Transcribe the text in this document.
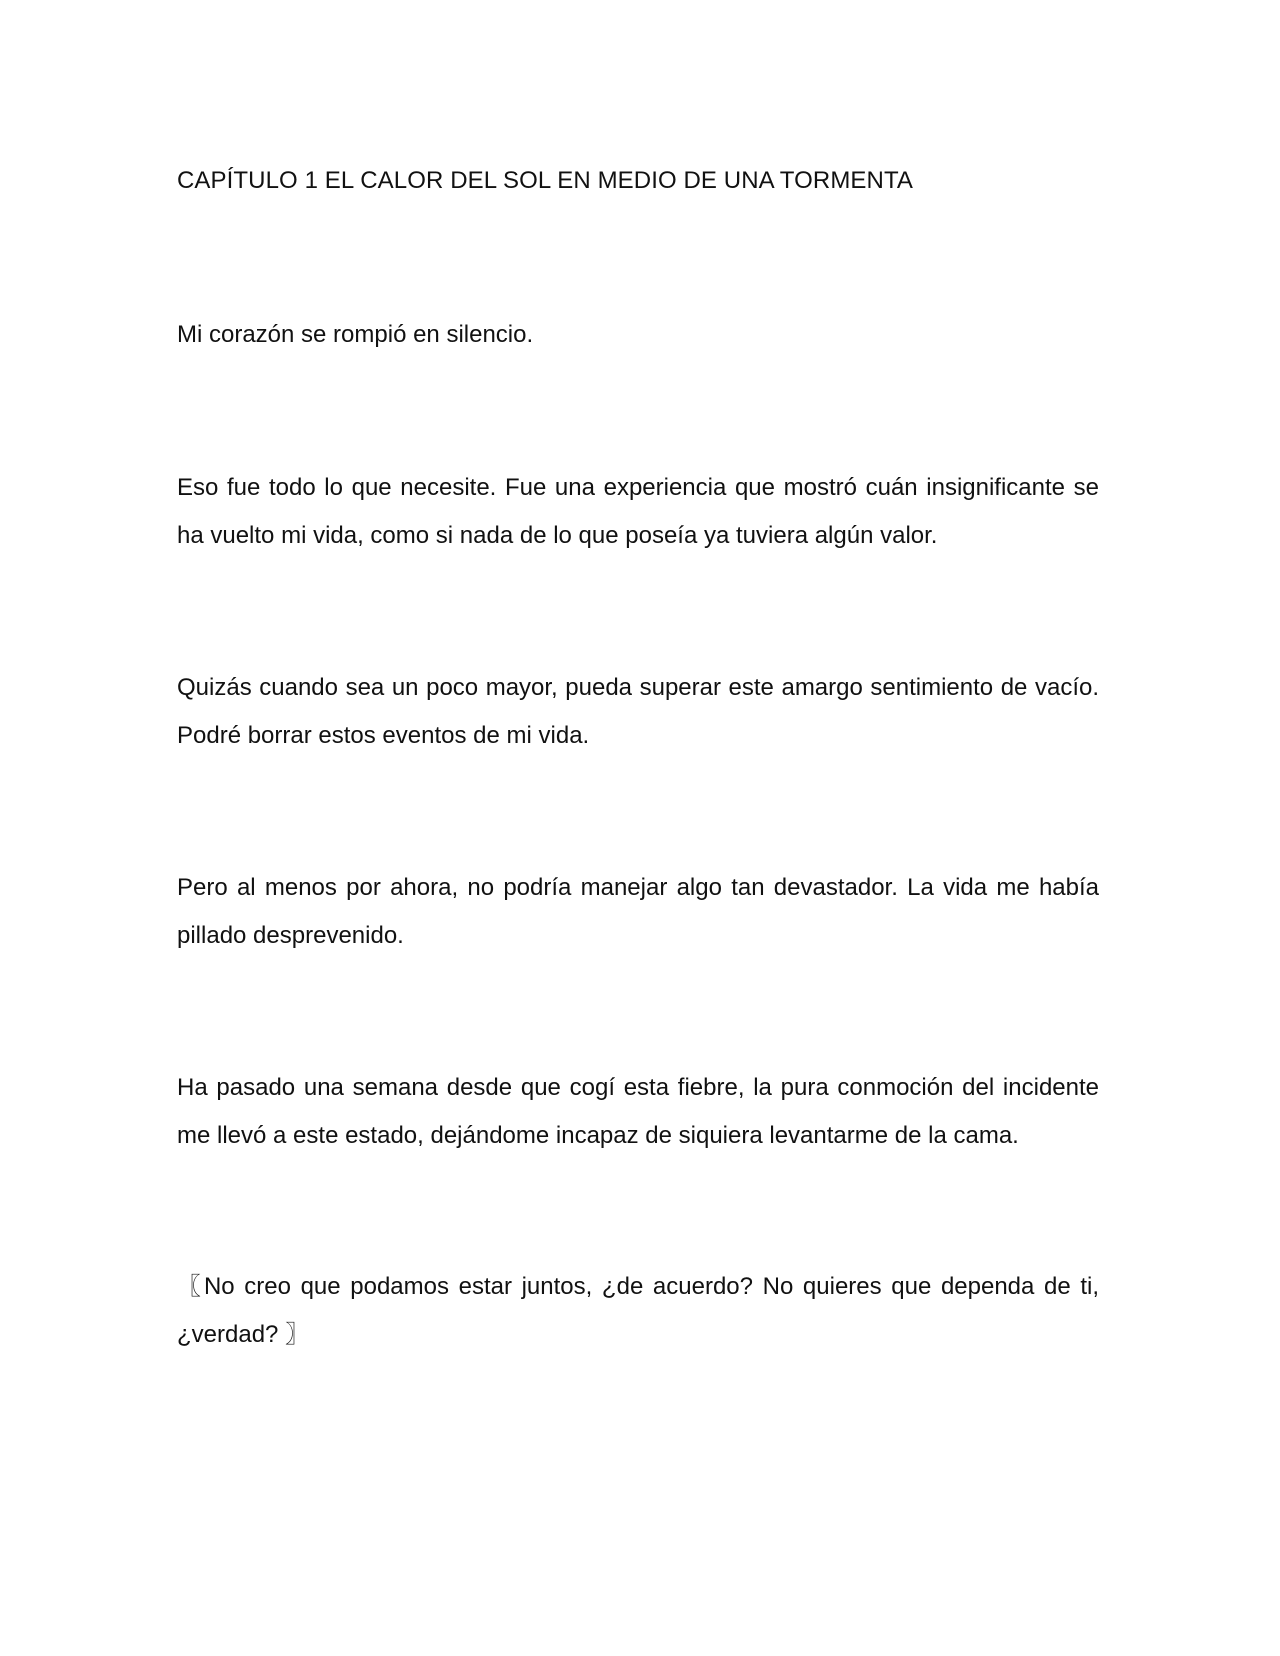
CAPÍTULO 1 EL CALOR DEL SOL EN MEDIO DE UNA TORMENTA

Mi corazón se rompió en silencio.

Eso fue todo lo que necesite. Fue una experiencia que mostró cuán insignificante se ha vuelto mi vida, como si nada de lo que poseía ya tuviera algún valor.

Quizás cuando sea un poco mayor, pueda superar este amargo sentimiento de vacío. Podré borrar estos eventos de mi vida.

Pero al menos por ahora, no podría manejar algo tan devastador. La vida me había pillado desprevenido.

Ha pasado una semana desde que cogí esta fiebre, la pura conmoción del incidente me llevó a este estado, dejándome incapaz de siquiera levantarme de la cama.

〖No creo que podamos estar juntos, ¿de acuerdo? No quieres que dependa de ti, ¿verdad? 〗
